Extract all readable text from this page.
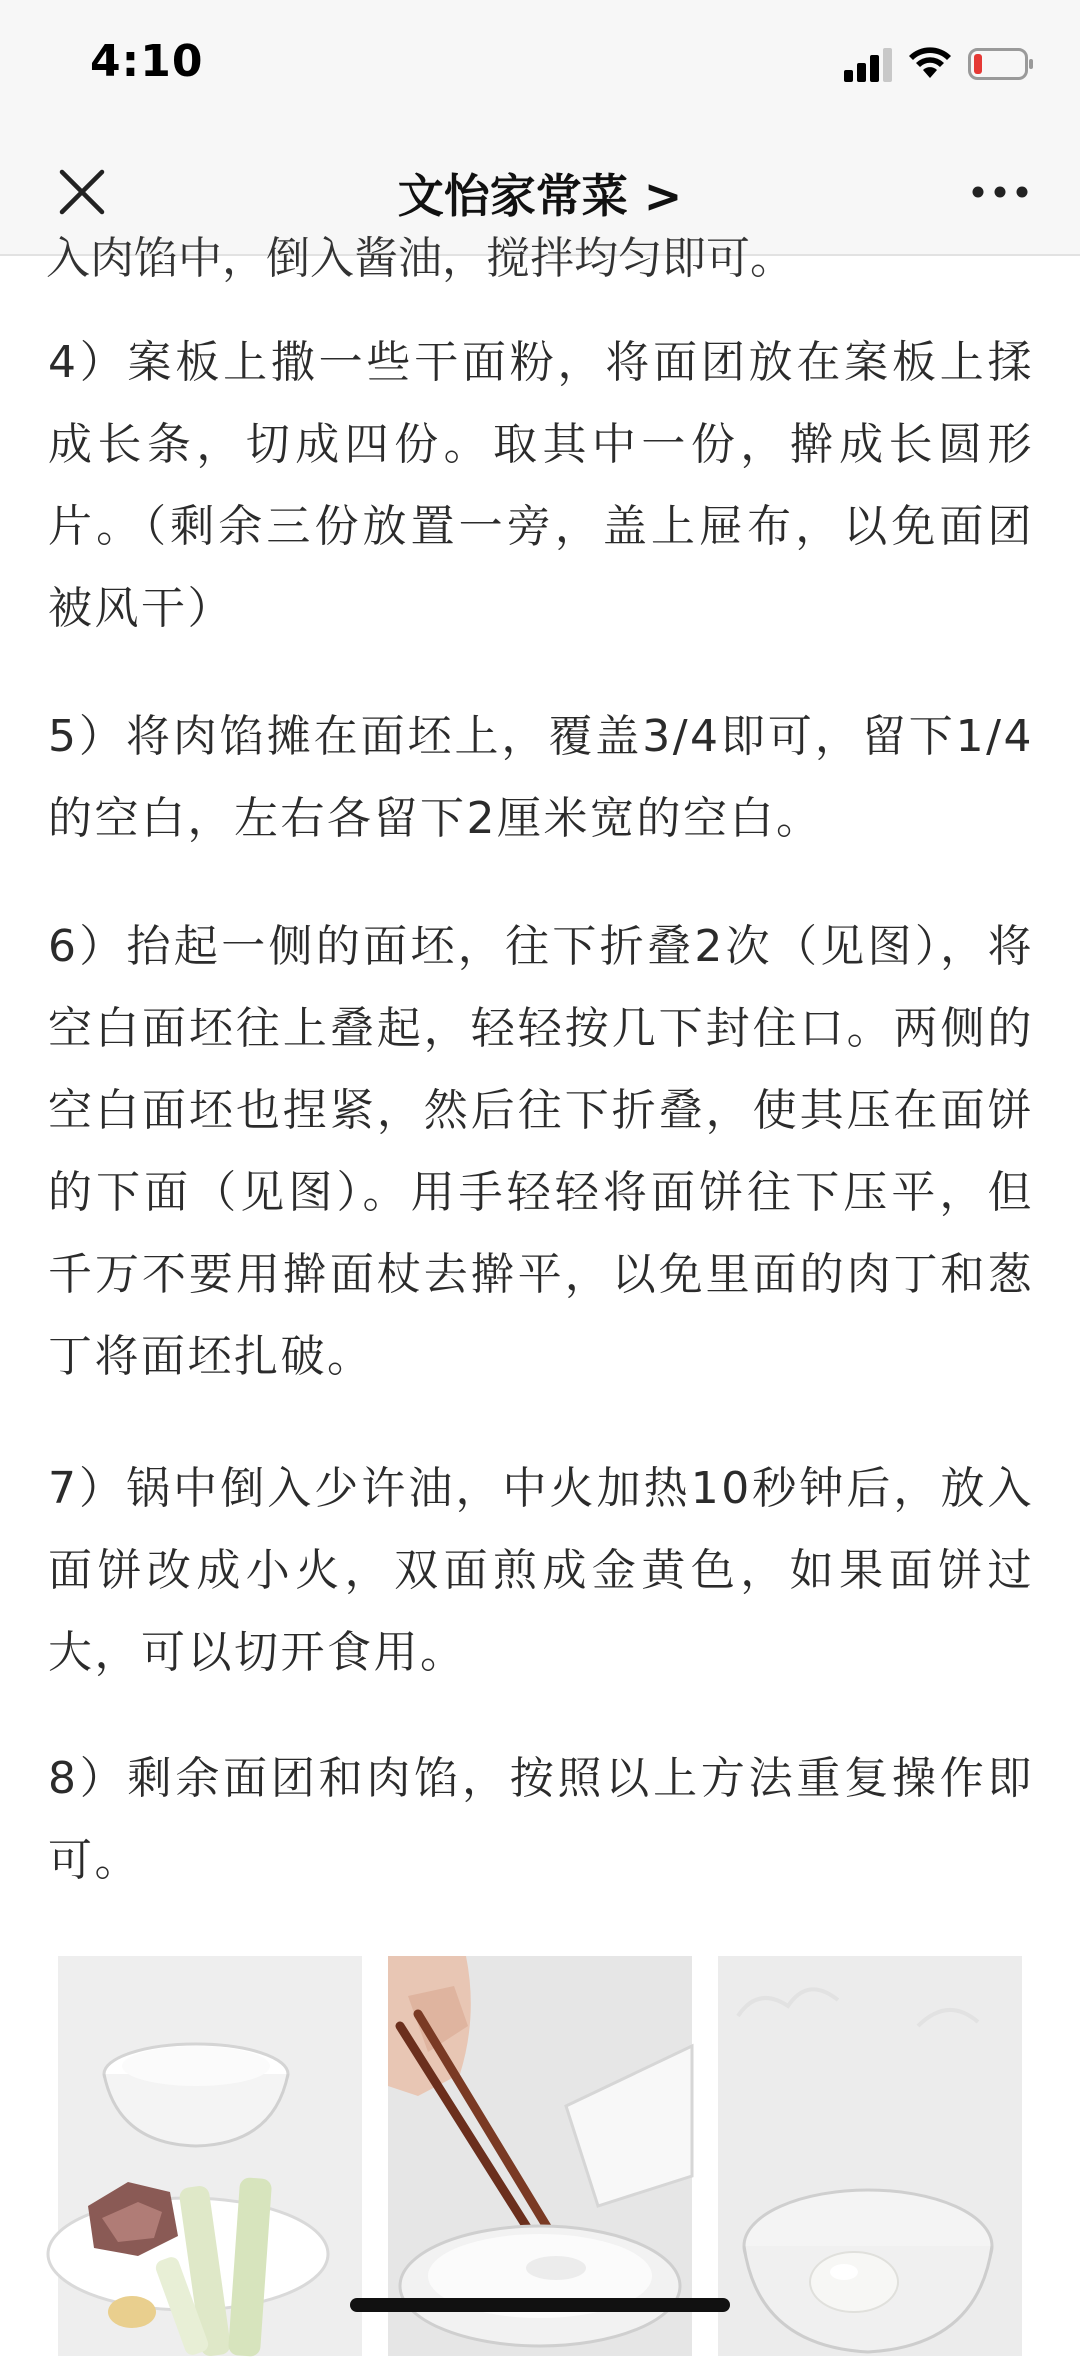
4:10
文怡家常菜 >
入肉馅中，倒入酱油，搅拌均匀即可。

4）案板上撒一些干面粉，将面团放在案板上揉成长条，切成四份。取其中一份，擀成长圆形片。（剩余三份放置一旁，盖上屉布，以免面团被风干）

5）将肉馅摊在面坯上，覆盖3/4即可，留下1/4的空白，左右各留下2厘米宽的空白。

6）抬起一侧的面坯，往下折叠2次（见图），将空白面坯往上叠起，轻轻按几下封住口。两侧的空白面坯也捏紧，然后往下折叠，使其压在面饼的下面（见图）。用手轻轻将面饼往下压平，但千万不要用擀面杖去擀平，以免里面的肉丁和葱丁将面坯扎破。

7）锅中倒入少许油，中火加热10秒钟后，放入面饼改成小火，双面煎成金黄色，如果面饼过大，可以切开食用。

8）剩余面团和肉馅，按照以上方法重复操作即可。
